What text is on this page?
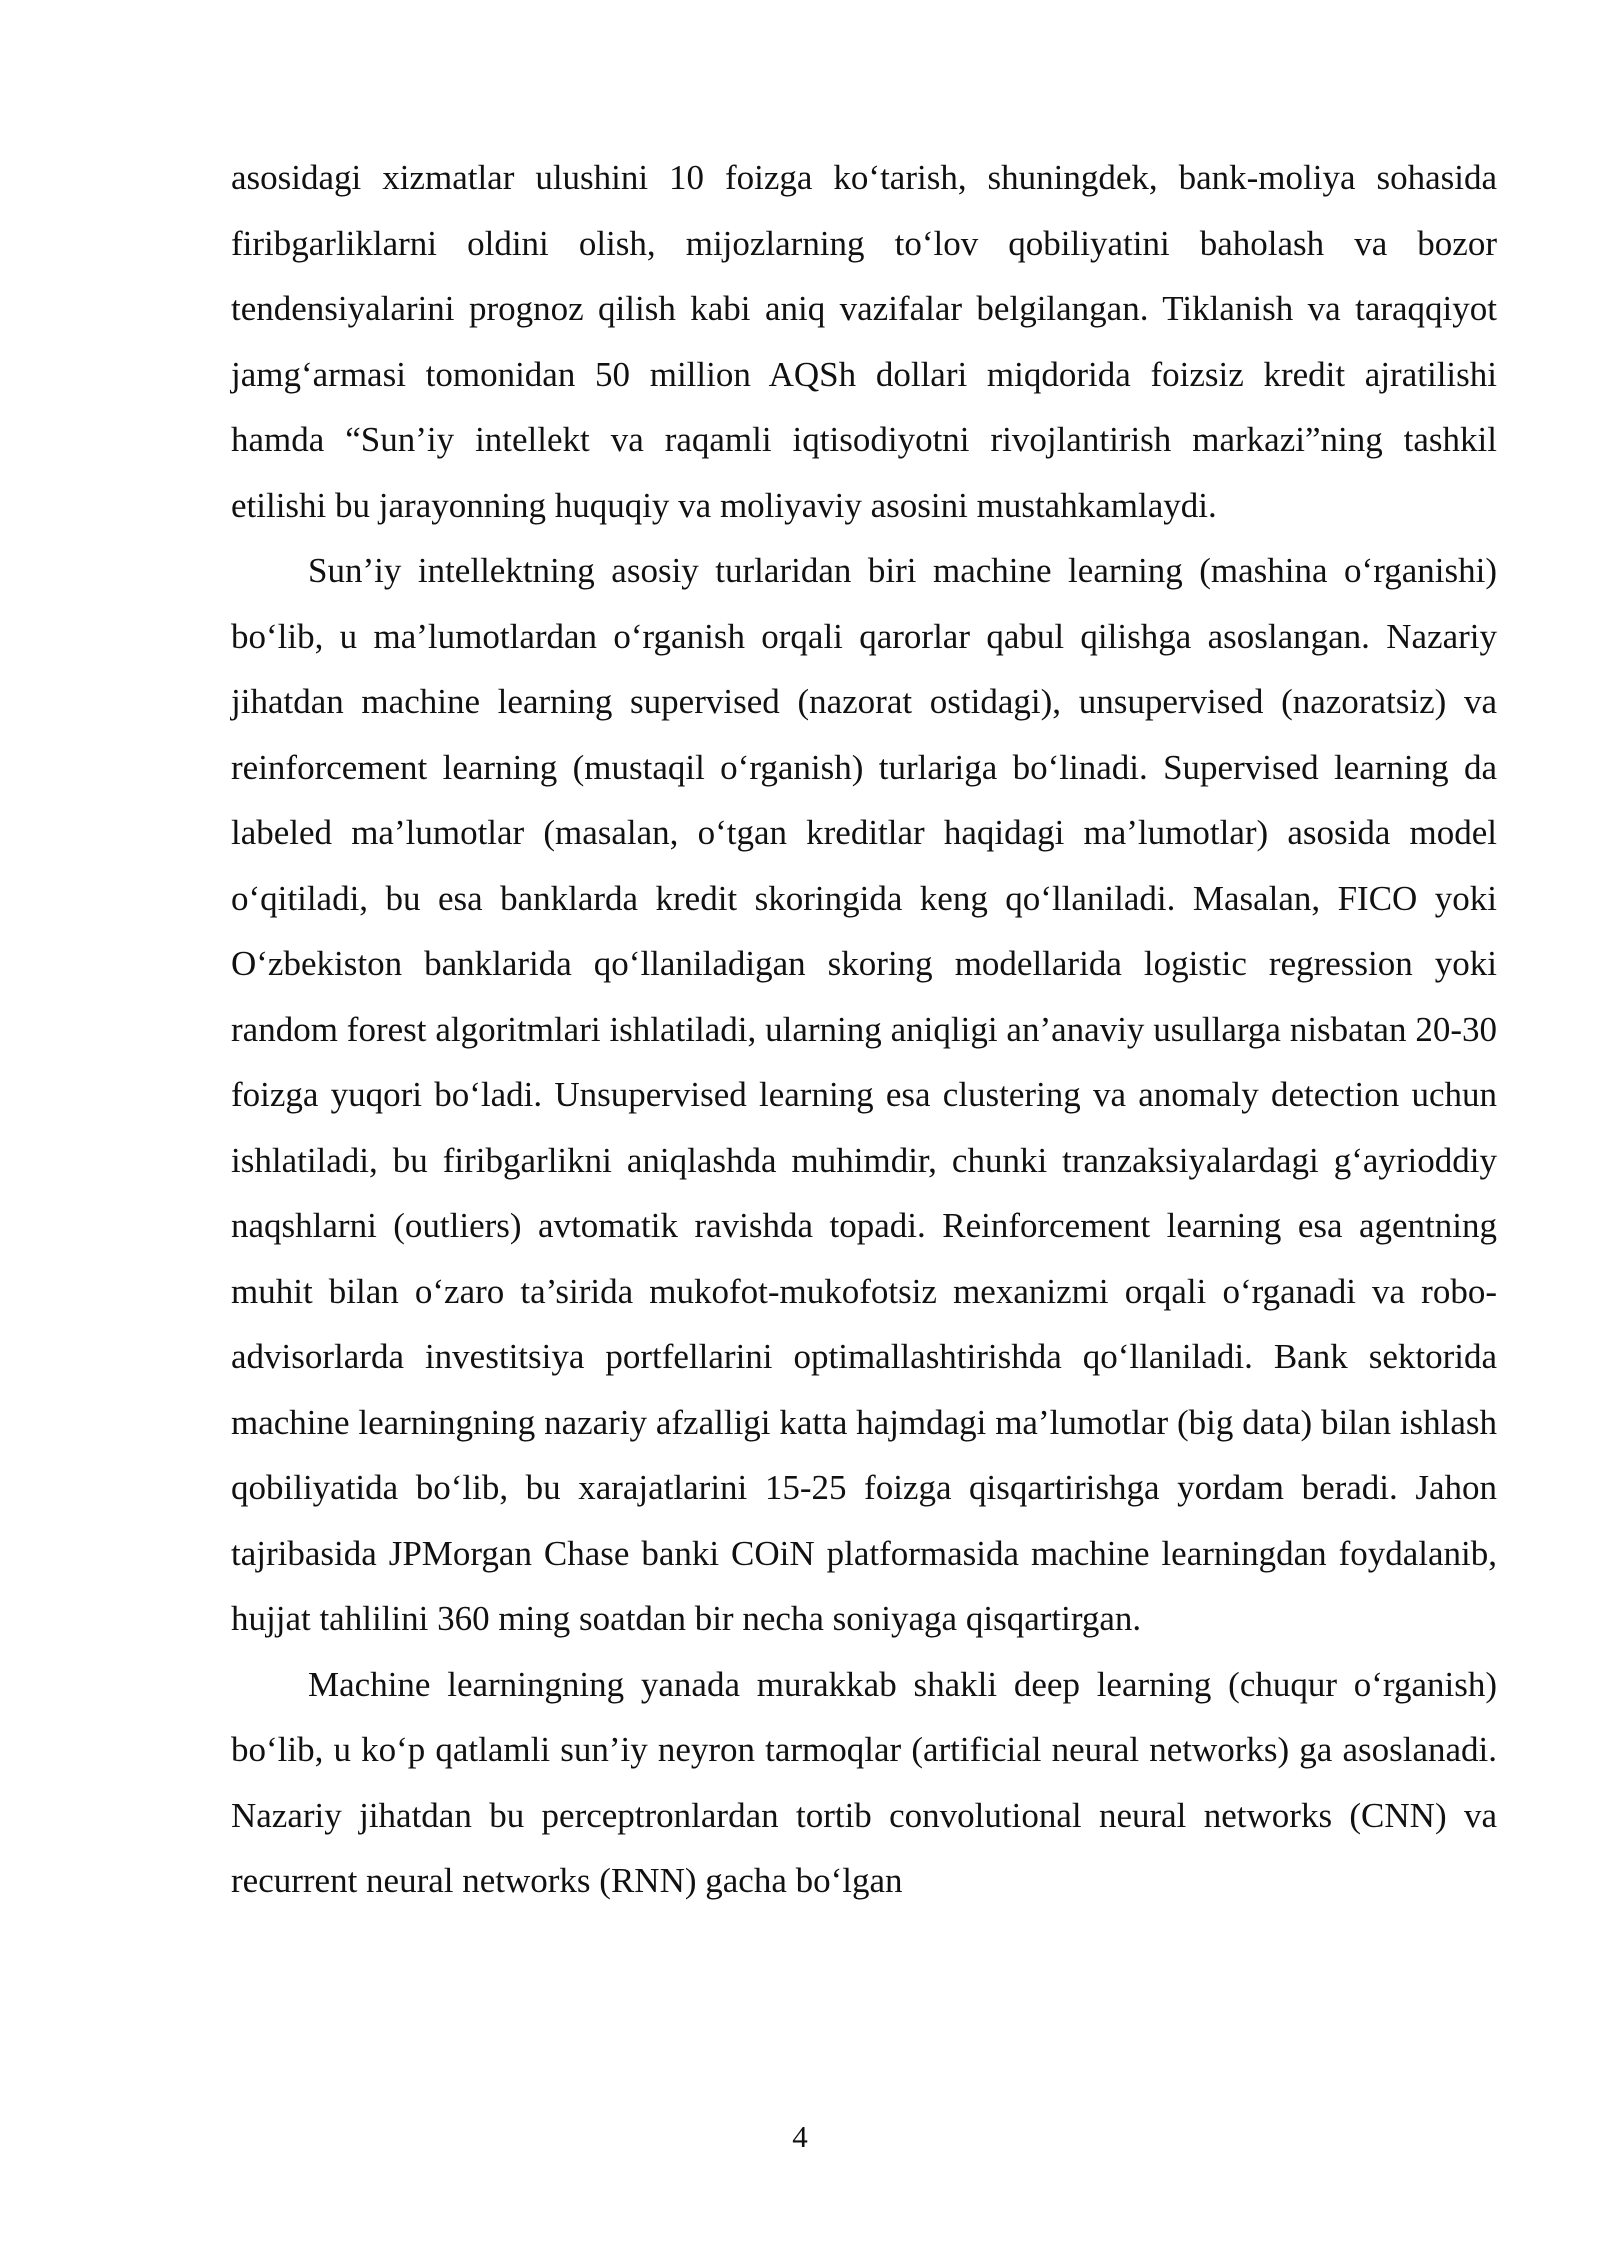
asosidagi xizmatlar ulushini 10 foizga ko‘tarish, shuningdek, bank-moliya sohasida firibgarliklarni oldini olish, mijozlarning to‘lov qobiliyatini baholash va bozor tendensiyalarini prognoz qilish kabi aniq vazifalar belgilangan. Tiklanish va taraqqiyot jamg‘armasi tomonidan 50 million AQSh dollari miqdorida foizsiz kredit ajratilishi hamda “Sun’iy intellekt va raqamli iqtisodiyotni rivojlantirish markazi”ning tashkil etilishi bu jarayonning huquqiy va moliyaviy asosini mustahkamlaydi.

Sun’iy intellektning asosiy turlaridan biri machine learning (mashina o‘rganishi) bo‘lib, u ma’lumotlardan o‘rganish orqali qarorlar qabul qilishga asoslangan. Nazariy jihatdan machine learning supervised (nazorat ostidagi), unsupervised (nazoratsiz) va reinforcement learning (mustaqil o‘rganish) turlariga bo‘linadi. Supervised learning da labeled ma’lumotlar (masalan, o‘tgan kreditlar haqidagi ma’lumotlar) asosida model o‘qitiladi, bu esa banklarda kredit skoringida keng qo‘llaniladi. Masalan, FICO yoki O‘zbekiston banklarida qo‘llaniladigan skoring modellarida logistic regression yoki random forest algoritmlari ishlatiladi, ularning aniqligi an’anaviy usullarga nisbatan 20-30 foizga yuqori bo‘ladi. Unsupervised learning esa clustering va anomaly detection uchun ishlatiladi, bu firibgarlikni aniqlashda muhimdir, chunki tranzaksiyalardagi g‘ayrioddiy naqshlarni (outliers) avtomatik ravishda topadi. Reinforcement learning esa agentning muhit bilan o‘zaro ta’sirida mukofot-mukofotsiz mexanizmi orqali o‘rganadi va robo-advisorlarda investitsiya portfellarini optimallashtirishda qo‘llaniladi. Bank sektorida machine learningning nazariy afzalligi katta hajmdagi ma’lumotlar (big data) bilan ishlash qobiliyatida bo‘lib, bu xarajatlarini 15-25 foizga qisqartirishga yordam beradi. Jahon tajribasida JPMorgan Chase banki COiN platformasida machine learningdan foydalanib, hujjat tahlilini 360 ming soatdan bir necha soniyaga qisqartirgan.

Machine learningning yanada murakkab shakli deep learning (chuqur o‘rganish) bo‘lib, u ko‘p qatlamli sun’iy neyron tarmoqlar (artificial neural networks) ga asoslanadi. Nazariy jihatdan bu perceptronlardan tortib convolutional neural networks (CNN) va recurrent neural networks (RNN) gacha bo‘lgan

4
